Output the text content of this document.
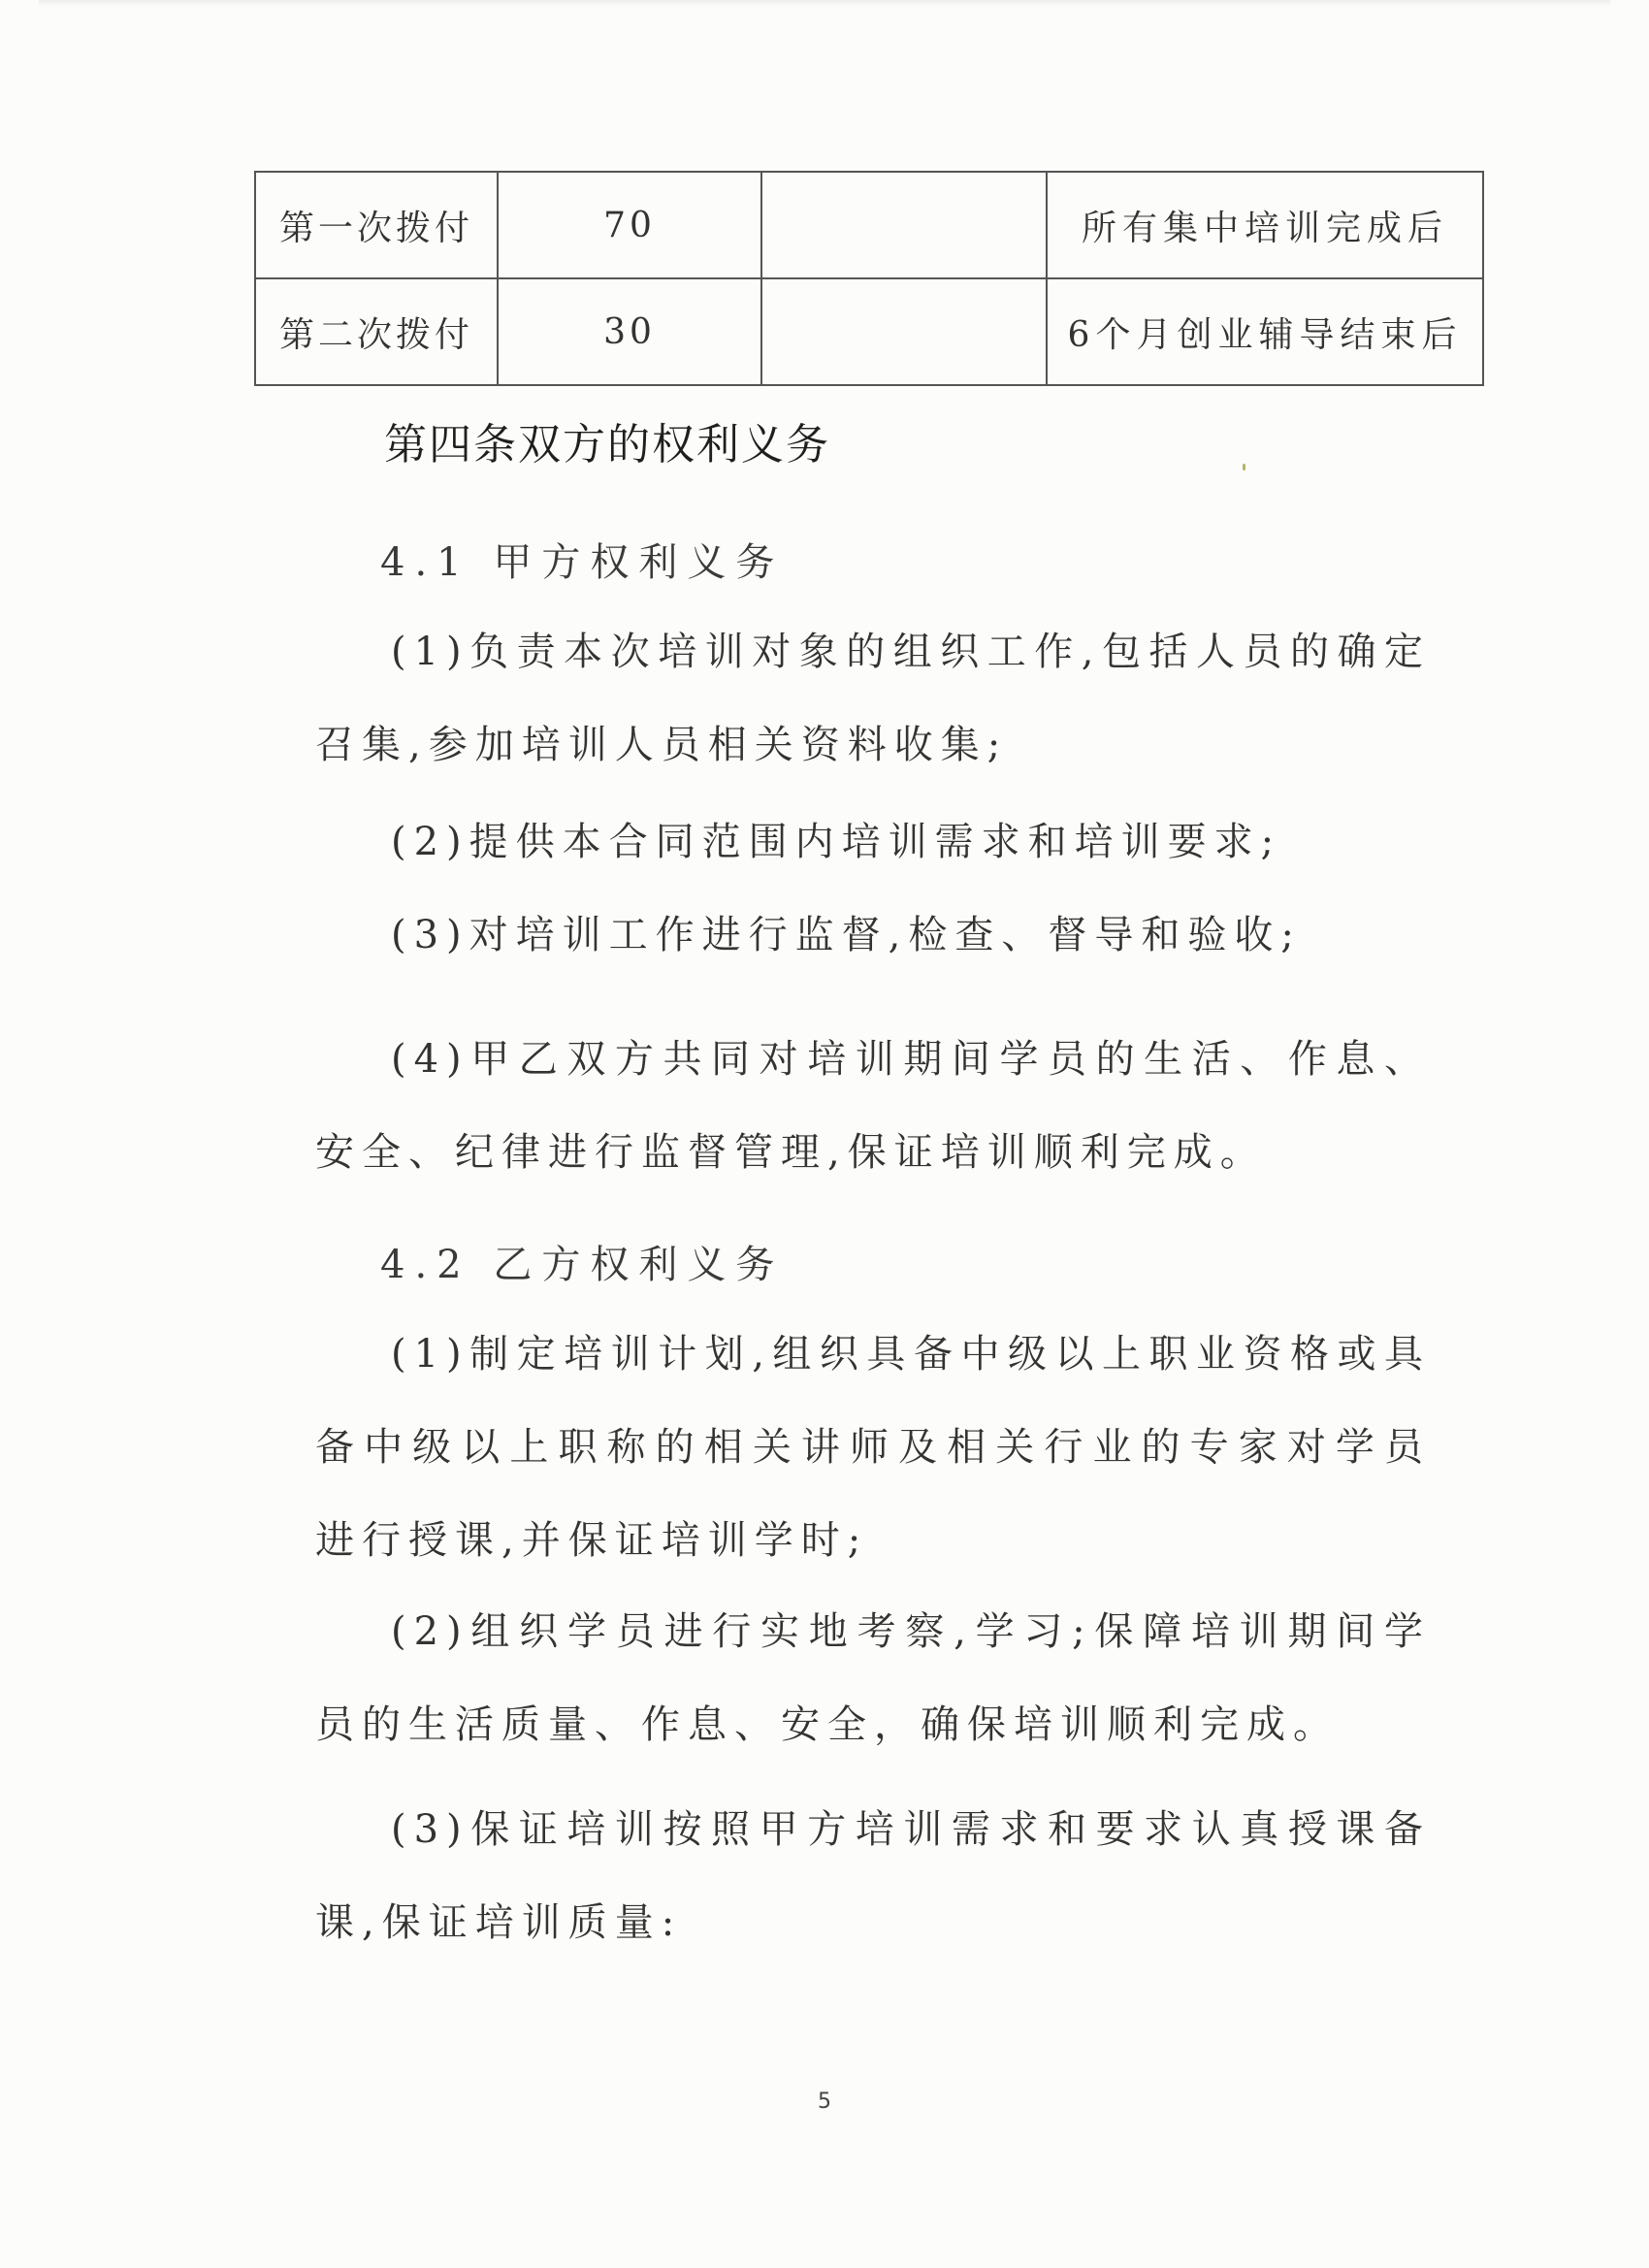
第一次拨付	70		所有集中培训完成后
第二次拨付	30		6个月创业辅导结束后
第四条双方的权利义务

4.1 甲方权利义务

(1)负责本次培训对象的组织工作,包括人员的确定召集,参加培训人员相关资料收集;

(2)提供本合同范围内培训需求和培训要求;

(3)对培训工作进行监督,检查、督导和验收;

(4)甲乙双方共同对培训期间学员的生活、作息、安全、纪律进行监督管理,保证培训顺利完成。

4.2 乙方权利义务

(1)制定培训计划,组织具备中级以上职业资格或具备中级以上职称的相关讲师及相关行业的专家对学员进行授课,并保证培训学时;

(2)组织学员进行实地考察,学习;保障培训期间学员的生活质量、作息、安全，确保培训顺利完成。

(3)保证培训按照甲方培训需求和要求认真授课备课,保证培训质量:

5
